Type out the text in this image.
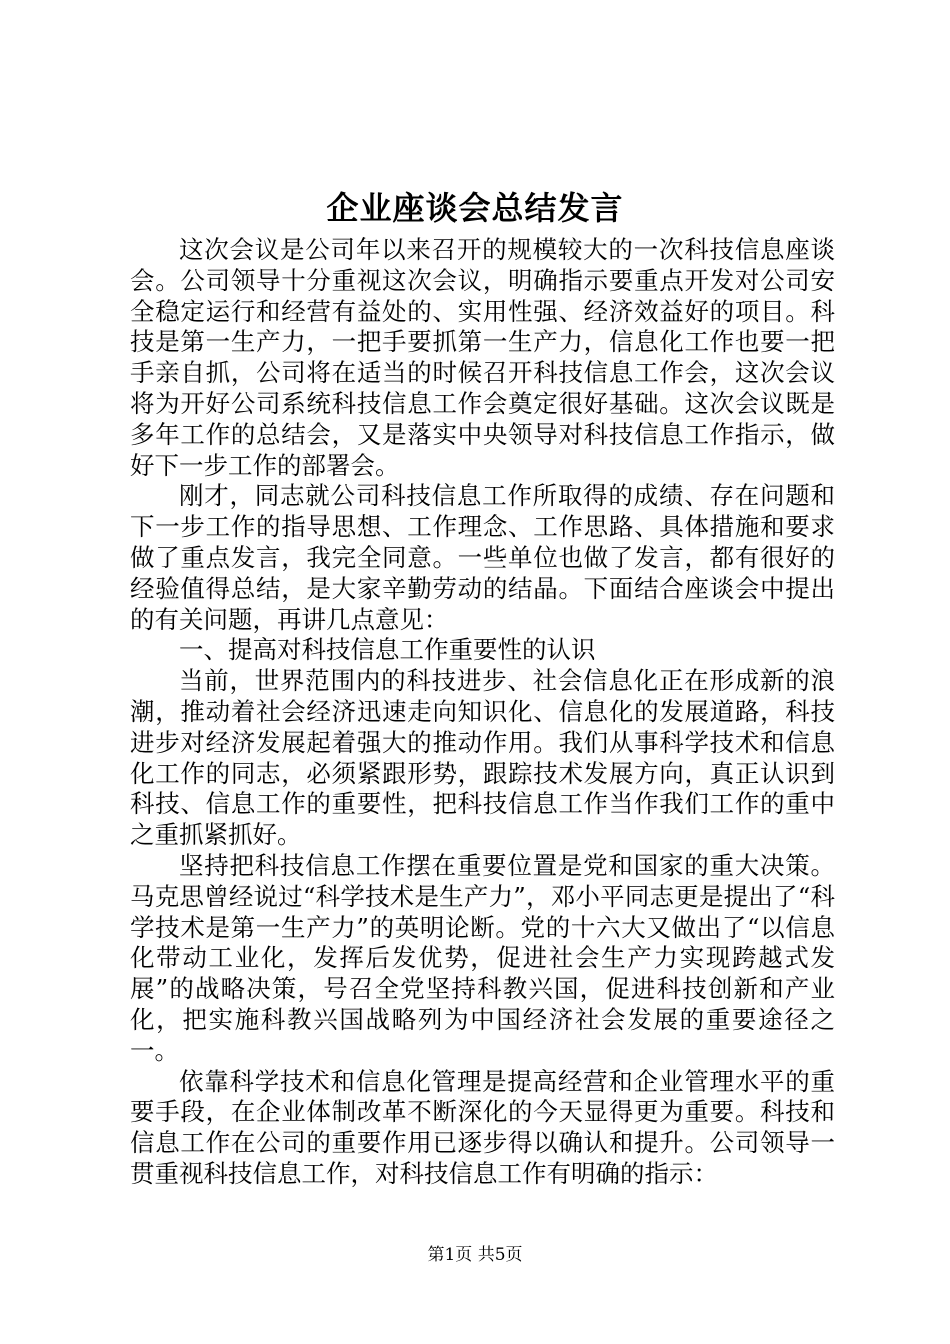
企业座谈会总结发言

这次会议是公司年以来召开的规模较大的一次科技信息座谈会。公司领导十分重视这次会议，明确指示要重点开发对公司安全稳定运行和经营有益处的、实用性强、经济效益好的项目。科技是第一生产力，一把手要抓第一生产力，信息化工作也要一把手亲自抓，公司将在适当的时候召开科技信息工作会，这次会议将为开好公司系统科技信息工作会奠定很好基础。这次会议既是多年工作的总结会，又是落实中央领导对科技信息工作指示，做好下一步工作的部署会。

刚才，同志就公司科技信息工作所取得的成绩、存在问题和下一步工作的指导思想、工作理念、工作思路、具体措施和要求做了重点发言，我完全同意。一些单位也做了发言，都有很好的经验值得总结，是大家辛勤劳动的结晶。下面结合座谈会中提出的有关问题，再讲几点意见：

一、提高对科技信息工作重要性的认识

当前，世界范围内的科技进步、社会信息化正在形成新的浪潮，推动着社会经济迅速走向知识化、信息化的发展道路，科技进步对经济发展起着强大的推动作用。我们从事科学技术和信息化工作的同志，必须紧跟形势，跟踪技术发展方向，真正认识到科技、信息工作的重要性，把科技信息工作当作我们工作的重中之重抓紧抓好。

坚持把科技信息工作摆在重要位置是党和国家的重大决策。马克思曾经说过“科学技术是生产力”，邓小平同志更是提出了“科学技术是第一生产力”的英明论断。党的十六大又做出了“以信息化带动工业化，发挥后发优势，促进社会生产力实现跨越式发展”的战略决策，号召全党坚持科教兴国，促进科技创新和产业化，把实施科教兴国战略列为中国经济社会发展的重要途径之一。

依靠科学技术和信息化管理是提高经营和企业管理水平的重要手段，在企业体制改革不断深化的今天显得更为重要。科技和信息工作在公司的重要作用已逐步得以确认和提升。公司领导一贯重视科技信息工作，对科技信息工作有明确的指示：

第1页 共5页
